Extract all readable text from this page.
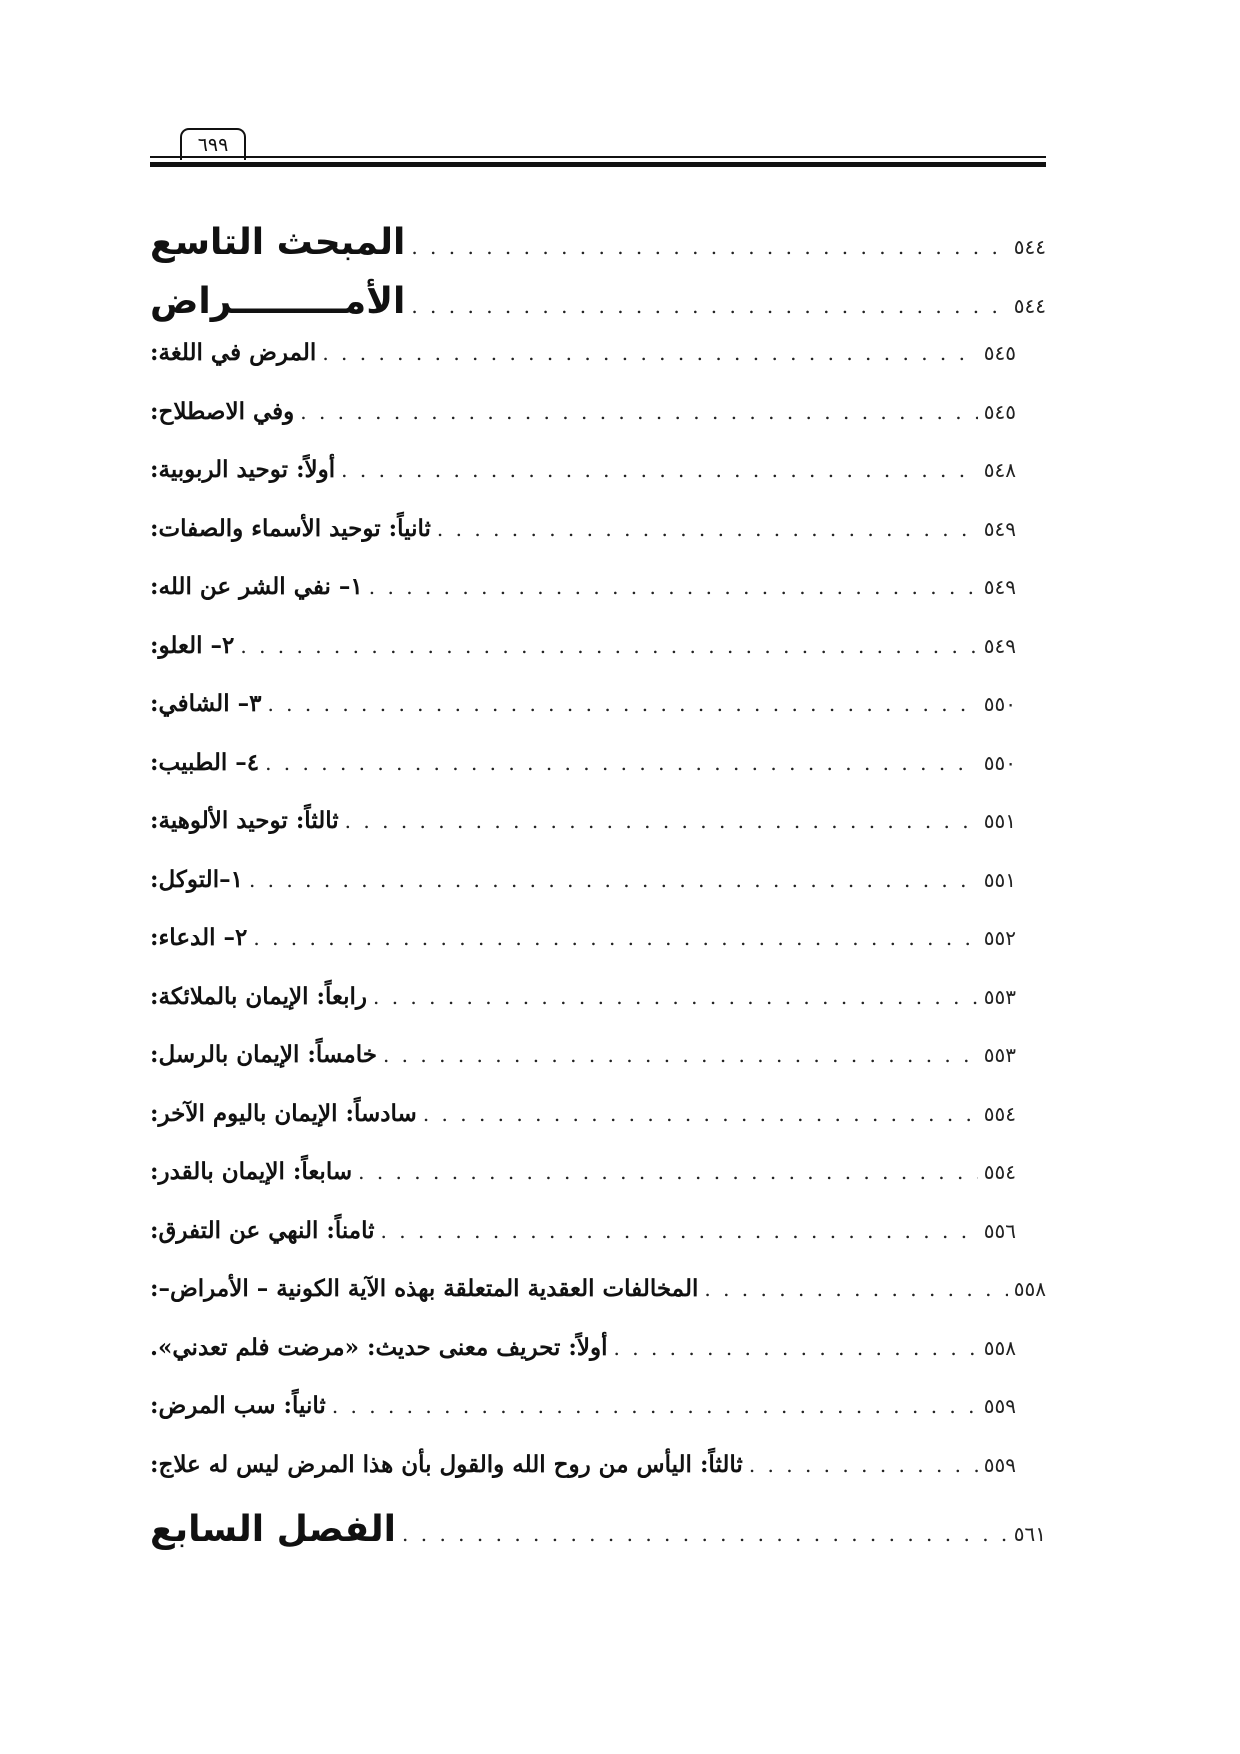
٦٩٩
المبحث التاسع . . .	٥٤٤
الأمـــــــــراض . . .	٥٤٤
المرض في اللغة: . . .	٥٤٥
وفي الاصطلاح: . . .	٥٤٥
أولاً: توحيد الربوبية: . . .	٥٤٨
ثانياً: توحيد الأسماء والصفات: . . .	٥٤٩
١– نفي الشر عن الله: . . .	٥٤٩
٢– العلو: . . .	٥٤٩
٣– الشافي: . . .	٥٥٠
٤– الطبيب: . . .	٥٥٠
ثالثاً: توحيد الألوهية: . . .	٥٥١
١–التوكل: . . .	٥٥١
٢– الدعاء: . . .	٥٥٢
رابعاً: الإيمان بالملائكة: . . .	٥٥٣
خامساً: الإيمان بالرسل: . . .	٥٥٣
سادساً: الإيمان باليوم الآخر: . . .	٥٥٤
سابعاً: الإيمان بالقدر: . . .	٥٥٤
ثامناً: النهي عن التفرق: . . .	٥٥٦
المخالفات العقدية المتعلقة بهذه الآية الكونية – الأمراض–: . . .	٥٥٨
أولاً: تحريف معنى حديث: «مرضت فلم تعدني». . . .	٥٥٨
ثانياً: سب المرض: . . .	٥٥٩
ثالثاً: اليأس من روح الله والقول بأن هذا المرض ليس له علاج: . . .	٥٥٩
الفصل السابع . . .	٥٦١
